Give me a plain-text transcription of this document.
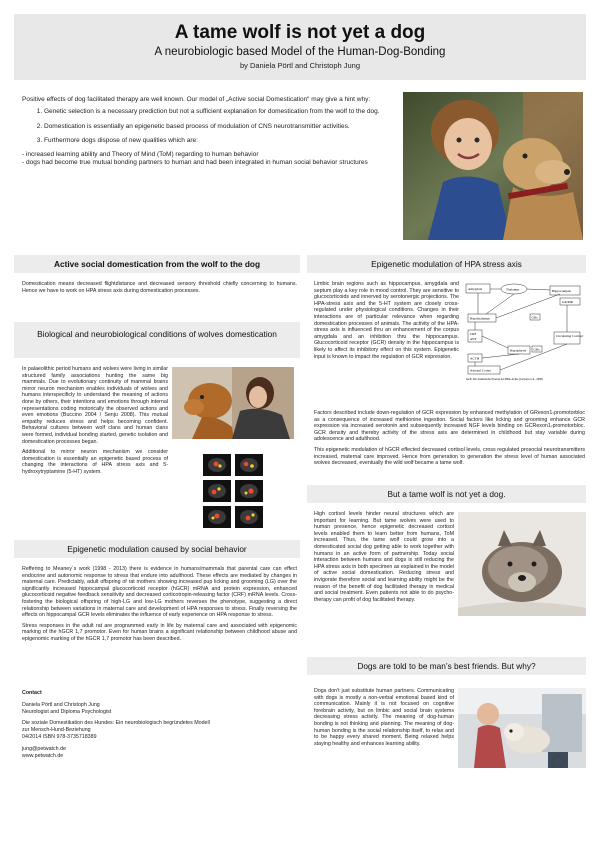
A tame wolf is not yet a dog
A neurobiologic based Model of the Human-Dog-Bonding
by Daniela Pörtl and Christoph Jung

Positive effects of dog facilitated therapy are well known. Our model of „Active social Domestication“ may give a hint why:

1. Genetic selection is a necessary prediction but not a sufficient explanation for domestication from the wolf to the dog.
2. Domestication is essentially an epigenetic based process of modulation of CNS neurotransmitter activities.
3. Furthermore dogs dispose of new qualities which are:
- increased learning ability and Theory of Mind (ToM) regarding to human behavior
- dogs had become true mutual bonding partners to human and had been integrated in human social behavior structures
Active social domestication from the wolf to the dog
Domestication means decreased flightdistance and decreased sensory threshold chiefly concerning to humans. Hence we have to work on HPA stress axis during domestication processes.
Biological and neurobiological conditions of wolves domestication

In palaeolithic period humans and wolves were living in similar structured family associations hunting the same big mammals. Due to evolutionary continuity of mammal brains mirror neuron mechanism enables individuals of wolves and humans interspecificly to understand the meaning of actions done by others, their intentions and emotions through internal representations coding motorically the observed actions and even emotions (Buccino 2004 / Senju 2008). This mutual empathy reduces stress and helps becoming confident. Behavioral cultures between wolf clans and human clans were formed, individual bonding started, genetic isolation and domestication processes began.

Additional to mirror neuron mechanism we consider domestication is essentially an epigenetic based process of changing the interactions of HPA stress axis and 5-hydroxytryptamine (5-HT) system.

Epigenetic modulation caused by social behavior

Reffering to Meaney´s work (1998 - 2013) there is evidence in humans/mammals that parental care can effect endocrine and autonomic response to stress that endure into adulthood. These effects are mediated by changes in maternal care. Predictably, adult offspring of rat mothers showing increased pup licking and grooming (LG) over the significantly increased hippocampal glucocorticoid receptor (hGCR) mRNA and protein expression, enhanced glucocorticoid negative feedback sensitivity and decreased corticotropin-releasing factor (CRF) mRNA levels. Cross-fostering the biological offspring of high-LG and low-LG mothers reverses the phenotype, suggesting a direct relationship between variations in maternal care and development of HPA responses to stress. Finally reversing the effects on hippocampal GCR levels eliminates the influence of early experience on HPA response to stress.

Stress responses in the adult rat are programmed early in life by maternal care and associated with epigenomic marking of the hGCR 1,7 promotor. Even for human brains a significant relationship between childhood abuse and epigenomic marking of the hGCR 1,7 promotor has been described.

Contact

Daniela Pörtl and Christoph Jung
Neurologist and Diploma Psychologist

Die soziale Domestikation des Hundes: Ein neurobiologisch begründetes Modell
zur Mensch-Hund-Beziehung
04/2014 ISBN 978-3735718389

jung@petwatch.de
www.petwatch.de

Epigenetic modulation of HPA stress axis

Limbic brain regions such as hippocampus, amygdala and septum play a key role in mood control. They are sensitive to glucocorticoids and innerved by serotonergic projections. The HPA-stress axis and the 5-HT system are closely cross-regulated under physiological conditions. Changes in their interactions are of particular relevance when regarding domestication processes of animals. The activity of the HPA-stress axis is influenced thru an enhancement of the corpus amygdala and an inhibition thru the hippocampus. Glucocorticoid receptor (GCR) density in the hippocampus is likely to affect its inhibitory effect on this system. Epigenetic input is known to impact the regulation of GCR expression.

Amygdala	Thalamus	Hippocampus
GR/MR
Hypothalamus
CRF
AVP
Hypophysis
Circulating Cortisol
ACTH
Adrenal Cortex
GRs
GRs
nach: Der dualistische Prozess des HPA-Achse (Jacques et al., 2008)

Factors described include down-regulation of GCR expression by enhanced methylation of GRexon1₇promotorbloc as a consequence of increased methionine ingestion. Social factors like licking and grooming enhance GCR expression via increased serotonin and subsequently increased NGF levels binding on GCRexon1₇promotorbloc. GCR density and thereby activity of the stress axis are determined in childhood but stay variable during adolescence and adulthood.

This epigenetic modulation of hGCR effected decreased cortisol levels, cross regulated prosocial neurotransmitters increased, maternal care improved. Hence from generation to generation the stress level of human associated wolves decreased, eventually the wild wolf became a tame wolf.

But a tame wolf is not yet a dog.
High cortisol levels hinder neural structures which are important for learning. But tame wolves were used to human presence, hence epigenetic decreased cortisol levels enabled them to learn better from humans, ToM increased. Thus, the tame wolf could grow into a domesticated social dog getting able to work together with humans in an active form of partnership. Today social interaction between humans and dogs is still reducing the HPA stress axis in both specimen as explained in the model of active social domestication. Reducing stress and invigorate therefore social and learning ability might be the reason of the benefit of dog facilitated therapy in medical and social treatment. Even patients not able to do psycho-therapy can profit of dog facilitated therapy.
Dogs are told to be man’s best friends. But why?
Dogs don't just substitute human partners. Communicating with dogs is mostly a non-verbal emotional based kind of communication. Mainly it is not focused on cognitive forebrain activity, but on limbic and social brain systems decreasing stress activity. The meaning of dog-human bonding is not thinking and planning. The meaning of dog-human bonding is the social relationship itself, to relax and to be happy every shared moment. Being relaxed helps staying healthy and enhances learning ability.
